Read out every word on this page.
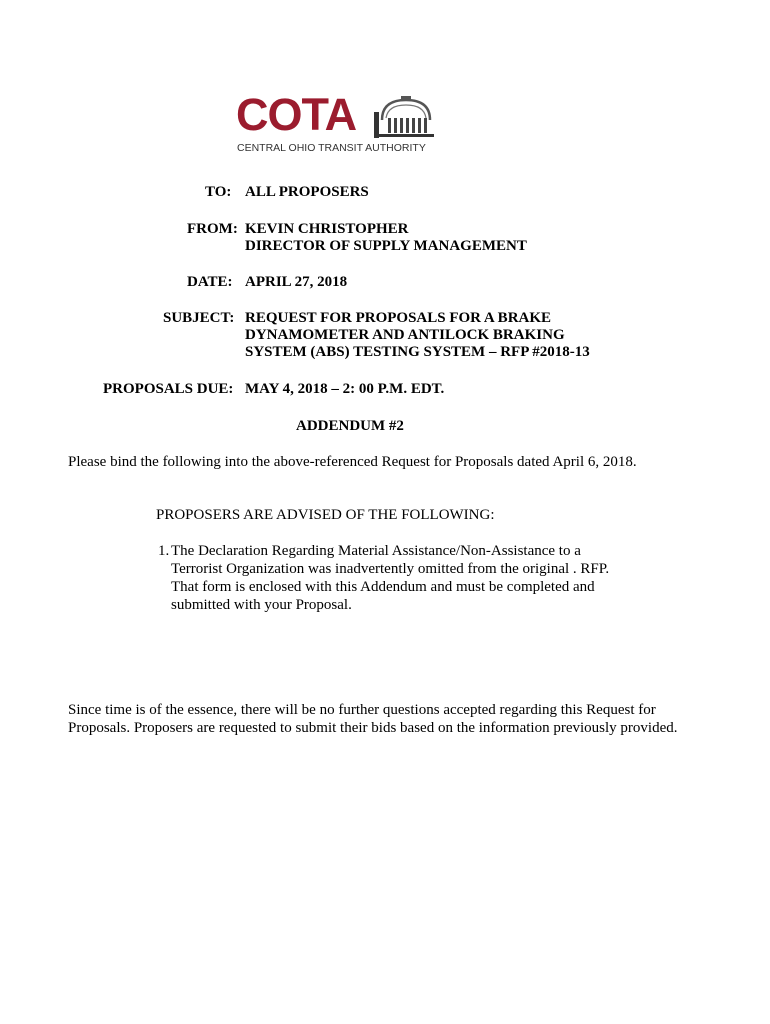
COTA
CENTRAL OHIO TRANSIT AUTHORITY
TO: ALL PROPOSERS
FROM: KEVIN CHRISTOPHER
DIRECTOR OF SUPPLY MANAGEMENT
DATE: APRIL 27, 2018
SUBJECT: REQUEST FOR PROPOSALS FOR A BRAKE
DYNAMOMETER AND ANTILOCK BRAKING
SYSTEM (ABS) TESTING SYSTEM – RFP #2018-13
PROPOSALS DUE: MAY 4, 2018 – 2: 00 P.M. EDT.
ADDENDUM #2
Please bind the following into the above-referenced Request for Proposals dated April 6, 2018.
PROPOSERS ARE ADVISED OF THE FOLLOWING:
1. The Declaration Regarding Material Assistance/Non-Assistance to a Terrorist Organization was inadvertently omitted from the original . RFP. That form is enclosed with this Addendum and must be completed and submitted with your Proposal.
Since time is of the essence, there will be no further questions accepted regarding this Request for Proposals. Proposers are requested to submit their bids based on the information previously provided.
